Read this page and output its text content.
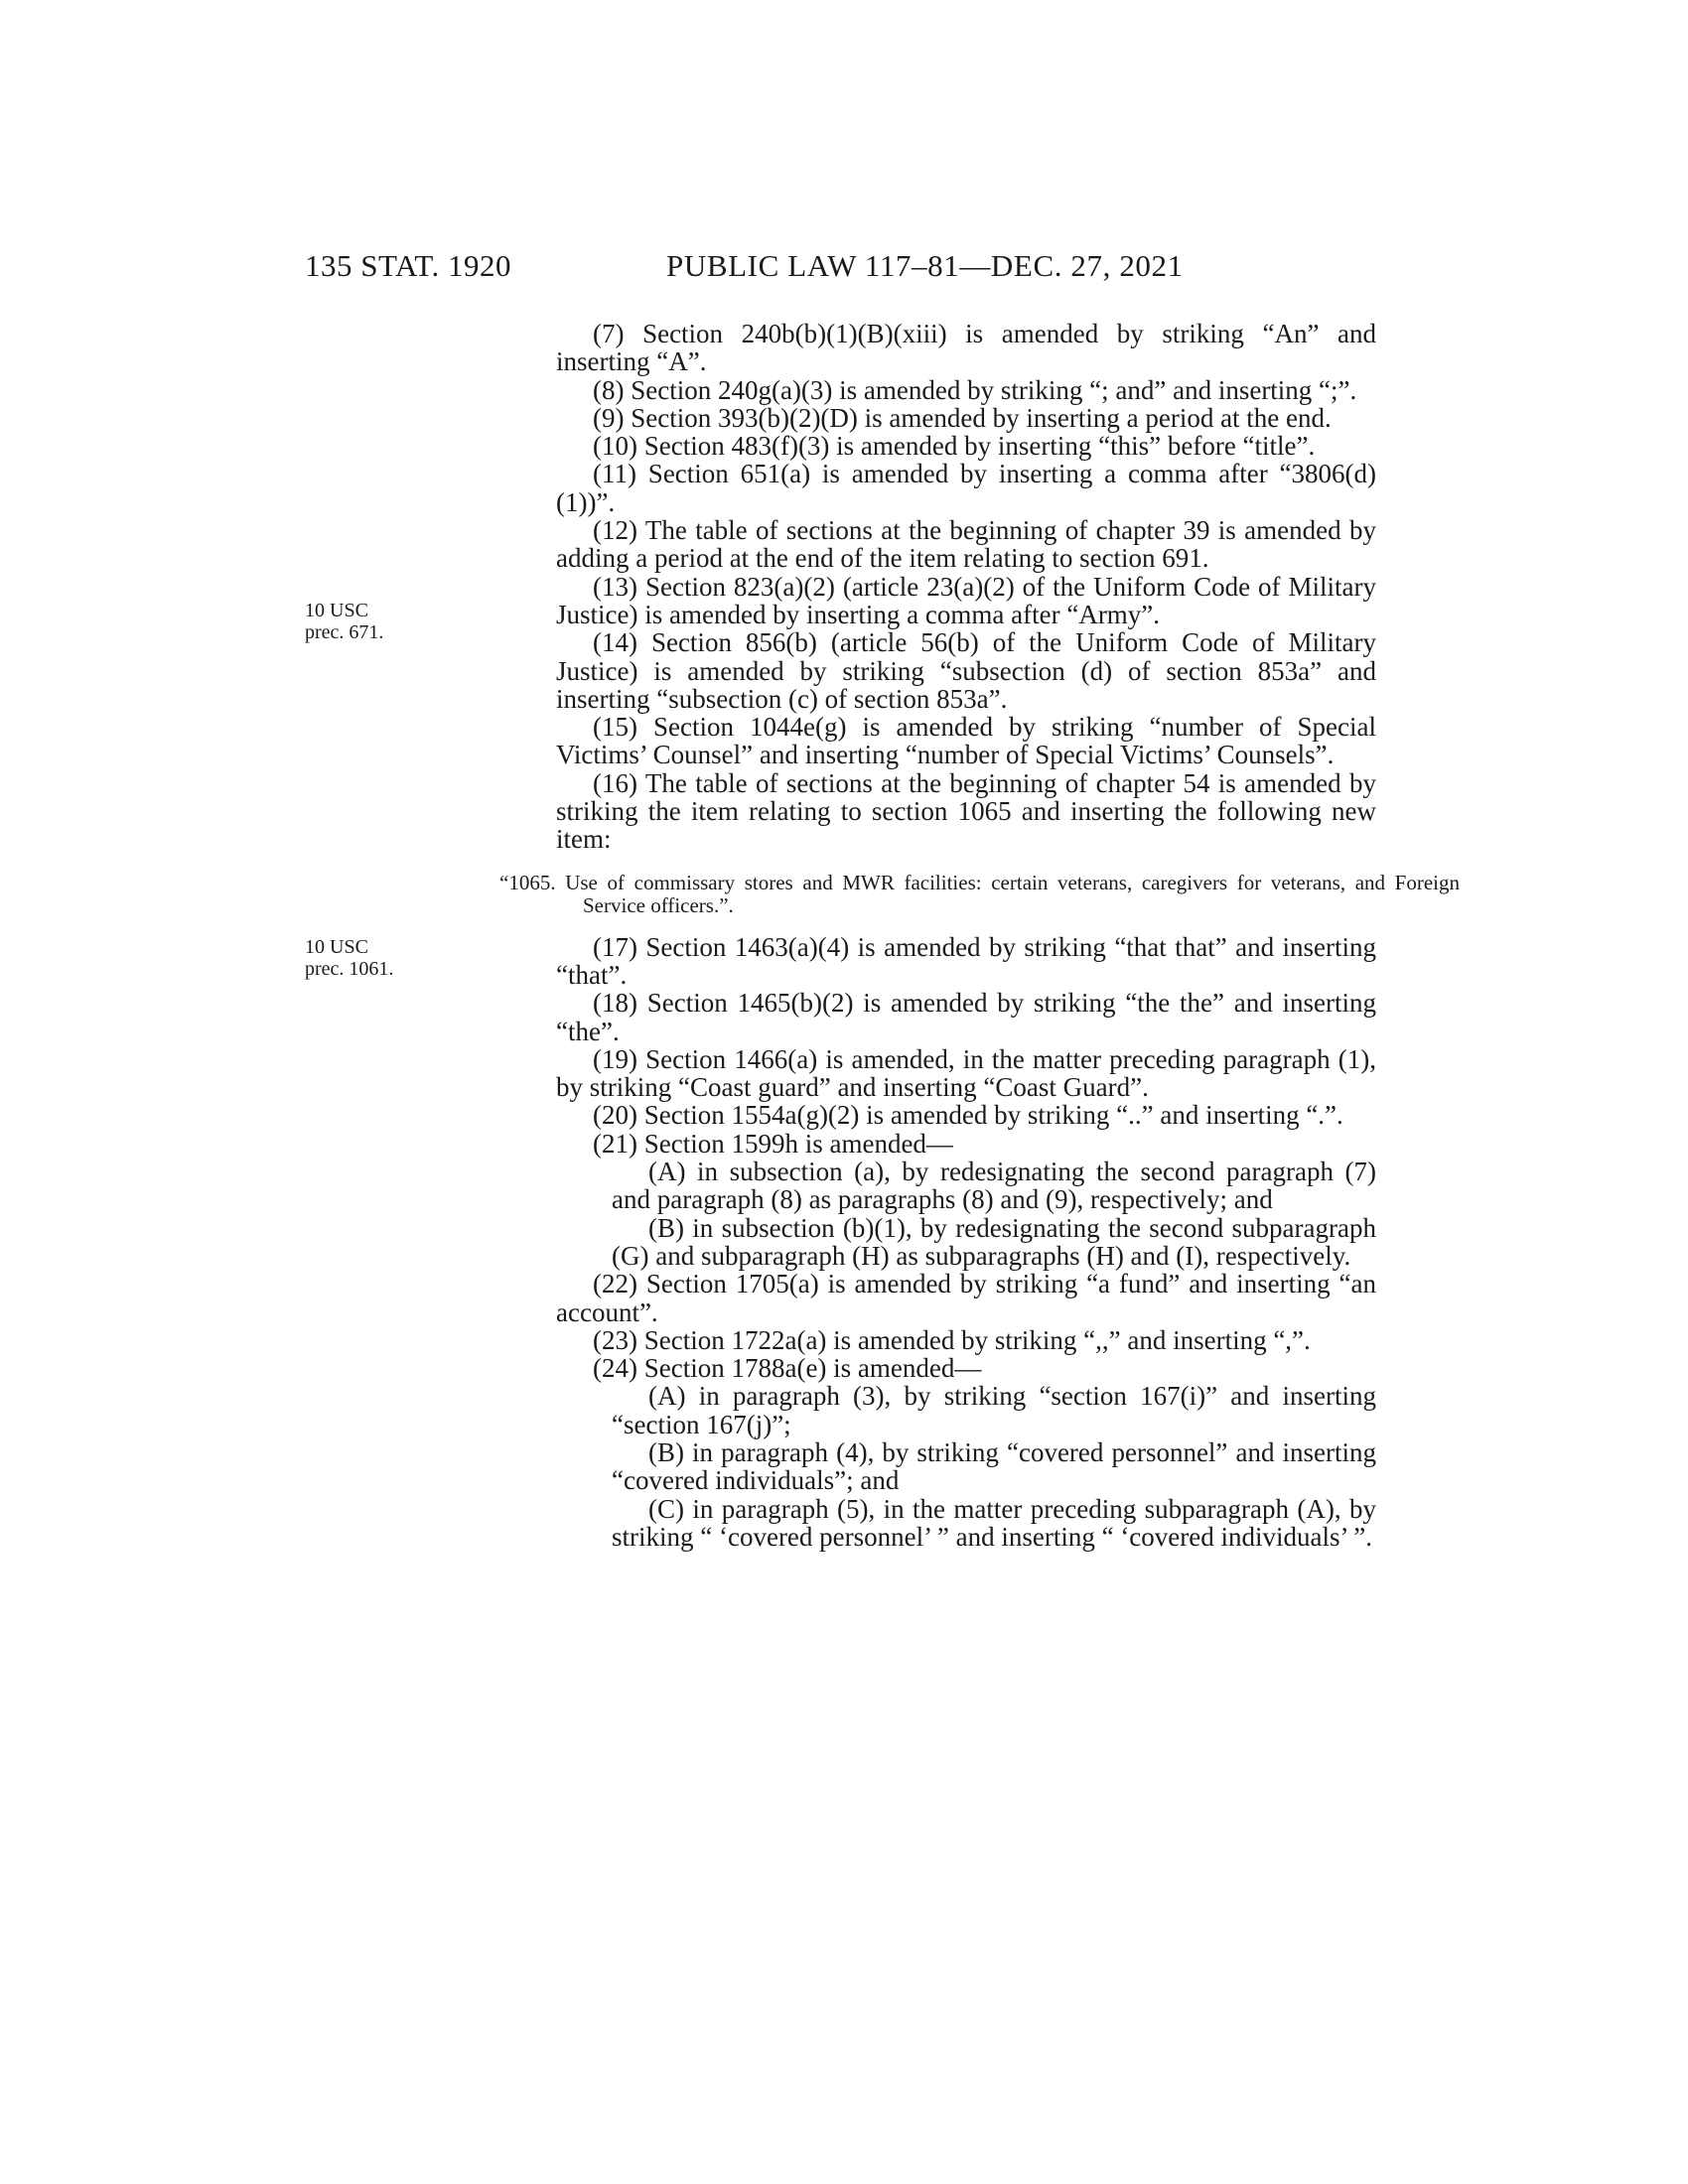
135 STAT. 1920	PUBLIC LAW 117–81—DEC. 27, 2021
10 USC
prec. 671.
10 USC
prec. 1061.

(7) Section 240b(b)(1)(B)(xiii) is amended by striking “An” and inserting “A”.

(8) Section 240g(a)(3) is amended by striking “; and” and inserting “;”.

(9) Section 393(b)(2)(D) is amended by inserting a period at the end.

(10) Section 483(f)(3) is amended by inserting “this” before “title”.

(11) Section 651(a) is amended by inserting a comma after “3806(d)(1))”.

(12) The table of sections at the beginning of chapter 39 is amended by adding a period at the end of the item relating to section 691.

(13) Section 823(a)(2) (article 23(a)(2) of the Uniform Code of Military Justice) is amended by inserting a comma after “Army”.

(14) Section 856(b) (article 56(b) of the Uniform Code of Military Justice) is amended by striking “subsection (d) of section 853a” and inserting “subsection (c) of section 853a”.

(15) Section 1044e(g) is amended by striking “number of Special Victims’ Counsel” and inserting “number of Special Victims’ Counsels”.

(16) The table of sections at the beginning of chapter 54 is amended by striking the item relating to section 1065 and inserting the following new item:

“1065. Use of commissary stores and MWR facilities: certain veterans, caregivers for veterans, and Foreign Service officers.”.

(17) Section 1463(a)(4) is amended by striking “that that” and inserting “that”.

(18) Section 1465(b)(2) is amended by striking “the the” and inserting “the”.

(19) Section 1466(a) is amended, in the matter preceding paragraph (1), by striking “Coast guard” and inserting “Coast Guard”.

(20) Section 1554a(g)(2) is amended by striking “..” and inserting “.”.

(21) Section 1599h is amended—

(A) in subsection (a), by redesignating the second paragraph (7) and paragraph (8) as paragraphs (8) and (9), respectively; and

(B) in subsection (b)(1), by redesignating the second subparagraph (G) and subparagraph (H) as subparagraphs (H) and (I), respectively.

(22) Section 1705(a) is amended by striking “a fund” and inserting “an account”.

(23) Section 1722a(a) is amended by striking “,,” and inserting “,”.

(24) Section 1788a(e) is amended—

(A) in paragraph (3), by striking “section 167(i)” and inserting “section 167(j)”;

(B) in paragraph (4), by striking “covered personnel” and inserting “covered individuals”; and

(C) in paragraph (5), in the matter preceding subparagraph (A), by striking “ ‘covered personnel’ ” and inserting “ ‘covered individuals’ ”.
